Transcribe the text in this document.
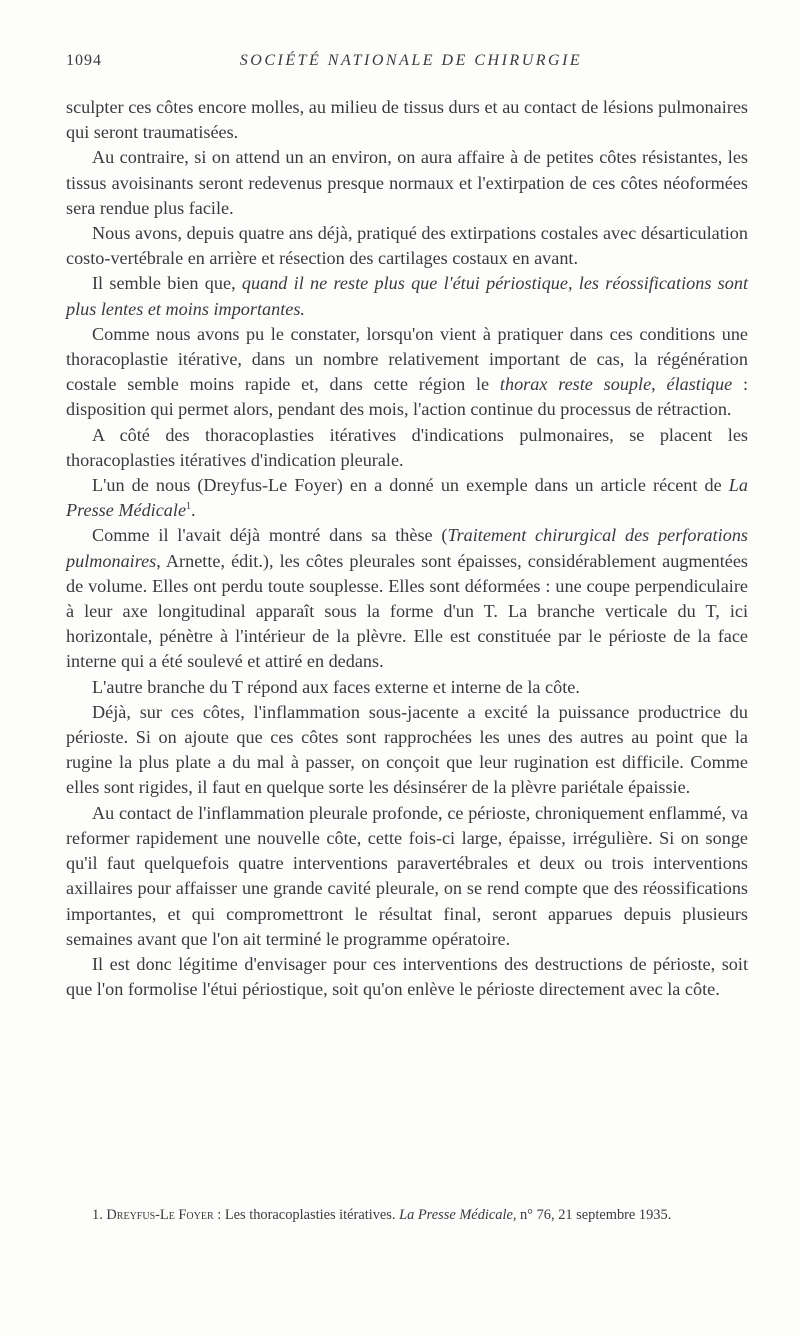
1094	SOCIÉTÉ NATIONALE DE CHIRURGIE

sculpter ces côtes encore molles, au milieu de tissus durs et au contact de lésions pulmonaires qui seront traumatisées.

Au contraire, si on attend un an environ, on aura affaire à de petites côtes résistantes, les tissus avoisinants seront redevenus presque normaux et l'extirpation de ces côtes néoformées sera rendue plus facile.

Nous avons, depuis quatre ans déjà, pratiqué des extirpations costales avec désarticulation costo-vertébrale en arrière et résection des cartilages costaux en avant.

Il semble bien que, quand il ne reste plus que l'étui périostique, les réossifications sont plus lentes et moins importantes.

Comme nous avons pu le constater, lorsqu'on vient à pratiquer dans ces conditions une thoracoplastie itérative, dans un nombre relativement important de cas, la régénération costale semble moins rapide et, dans cette région le thorax reste souple, élastique : disposition qui permet alors, pendant des mois, l'action continue du processus de rétraction.

A côté des thoracoplasties itératives d'indications pulmonaires, se placent les thoracoplasties itératives d'indication pleurale.

L'un de nous (Dreyfus-Le Foyer) en a donné un exemple dans un article récent de La Presse Médicale$^1$.

Comme il l'avait déjà montré dans sa thèse (Traitement chirurgical des perforations pulmonaires, Arnette, édit.), les côtes pleurales sont épaisses, considérablement augmentées de volume. Elles ont perdu toute souplesse. Elles sont déformées : une coupe perpendiculaire à leur axe longitudinal apparaît sous la forme d'un T. La branche verticale du T, ici horizontale, pénètre à l'intérieur de la plèvre. Elle est constituée par le périoste de la face interne qui a été soulevé et attiré en dedans.

L'autre branche du T répond aux faces externe et interne de la côte.

Déjà, sur ces côtes, l'inflammation sous-jacente a excité la puissance productrice du périoste. Si on ajoute que ces côtes sont rapprochées les unes des autres au point que la rugine la plus plate a du mal à passer, on conçoit que leur rugination est difficile. Comme elles sont rigides, il faut en quelque sorte les désinsérer de la plèvre pariétale épaissie.

Au contact de l'inflammation pleurale profonde, ce périoste, chroniquement enflammé, va reformer rapidement une nouvelle côte, cette fois-ci large, épaisse, irrégulière. Si on songe qu'il faut quelquefois quatre interventions paravertébrales et deux ou trois interventions axillaires pour affaisser une grande cavité pleurale, on se rend compte que des réossifications importantes, et qui compromettront le résultat final, seront apparues depuis plusieurs semaines avant que l'on ait terminé le programme opératoire.

Il est donc légitime d'envisager pour ces interventions des destructions de périoste, soit que l'on formolise l'étui périostique, soit qu'on enlève le périoste directement avec la côte.

1. Dreyfus-Le Foyer : Les thoracoplasties itératives. La Presse Médicale, n° 76, 21 septembre 1935.
